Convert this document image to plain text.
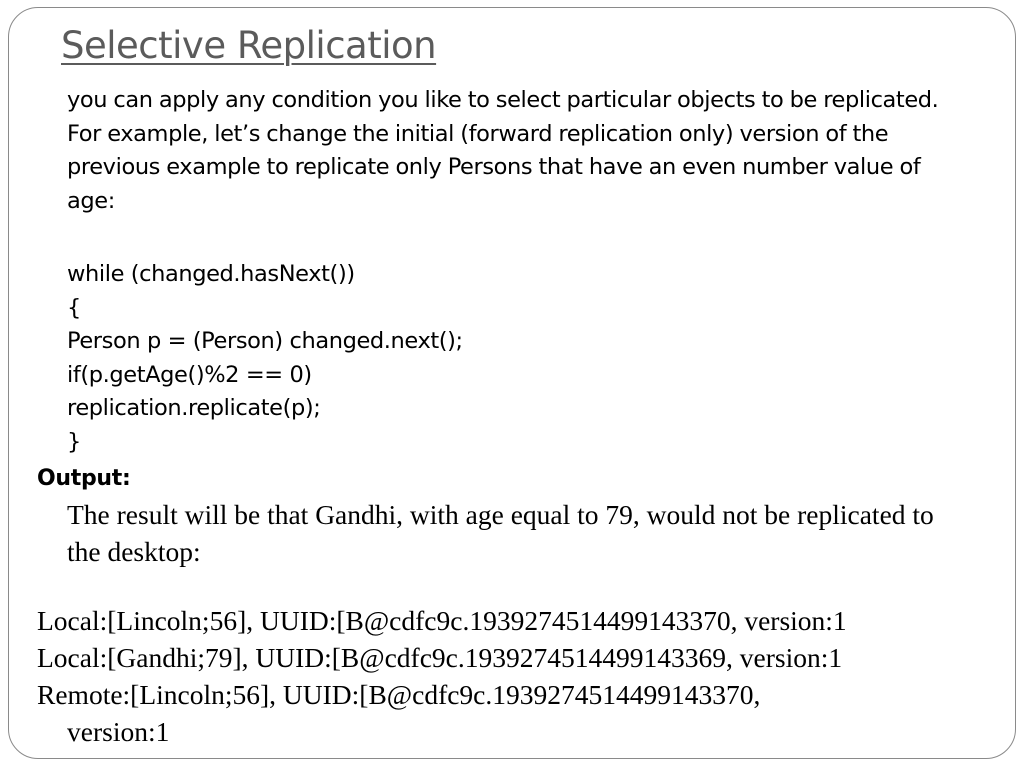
Selective Replication
you can apply any condition you like to select particular objects to be replicated. For example, let’s change the initial (forward replication only) version of the previous example to replicate only Persons that have an even number value of age:
while (changed.hasNext())
{
Person p = (Person) changed.next();
if(p.getAge()%2 == 0)
replication.replicate(p);
}
Output:
The result will be that Gandhi, with age equal to 79, would not be replicated to the desktop:
Local:[Lincoln;56], UUID:[B@cdfc9c.1939274514499143370, version:1
Local:[Gandhi;79], UUID:[B@cdfc9c.1939274514499143369, version:1
Remote:[Lincoln;56], UUID:[B@cdfc9c.1939274514499143370,
version:1
